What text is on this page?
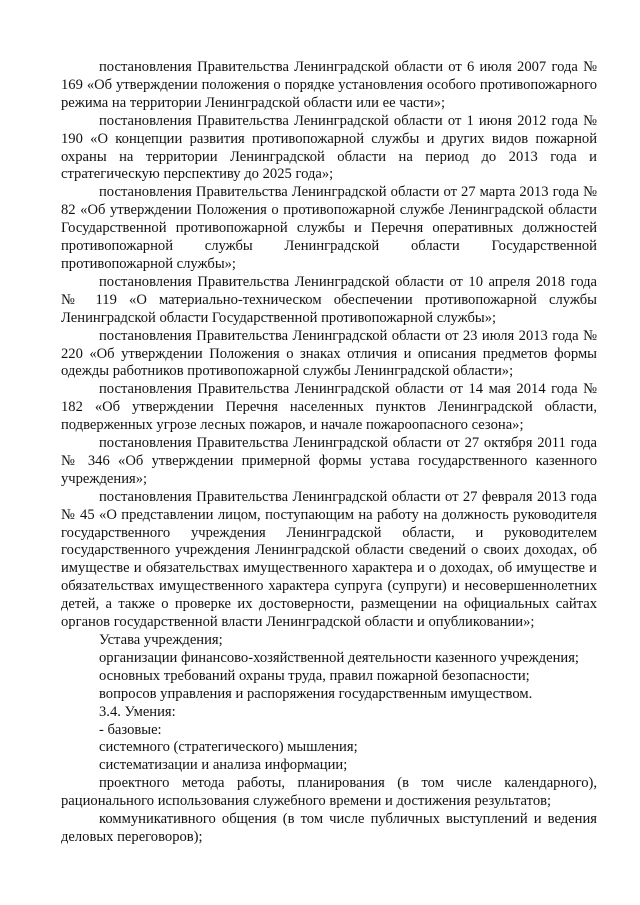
постановления Правительства Ленинградской области от 6 июля 2007 года № 169 «Об утверждении положения о порядке установления особого противопожарного режима на территории Ленинградской области или ее части»;

постановления Правительства Ленинградской области от 1 июня 2012 года № 190 «О концепции развития противопожарной службы и других видов пожарной охраны на территории Ленинградской области на период до 2013 года и стратегическую перспективу до 2025 года»;

постановления Правительства Ленинградской области от 27 марта 2013 года № 82 «Об утверждении Положения о противопожарной службе Ленинградской области Государственной противопожарной службы и Перечня оперативных должностей противопожарной службы Ленинградской области Государственной противопожарной службы»;

постановления Правительства Ленинградской области от 10 апреля 2018 года № 119 «О материально-техническом обеспечении противопожарной службы Ленинградской области Государственной противопожарной службы»;

постановления Правительства Ленинградской области от 23 июля 2013 года № 220 «Об утверждении Положения о знаках отличия и описания предметов формы одежды работников противопожарной службы Ленинградской области»;

постановления Правительства Ленинградской области от 14 мая 2014 года № 182 «Об утверждении Перечня населенных пунктов Ленинградской области, подверженных угрозе лесных пожаров, и начале пожароопасного сезона»;

постановления Правительства Ленинградской области от 27 октября 2011 года № 346 «Об утверждении примерной формы устава государственного казенного учреждения»;

постановления Правительства Ленинградской области от 27 февраля 2013 года № 45 «О представлении лицом, поступающим на работу на должность руководителя государственного учреждения Ленинградской области, и руководителем государственного учреждения Ленинградской области сведений о своих доходах, об имуществе и обязательствах имущественного характера и о доходах, об имуществе и обязательствах имущественного характера супруга (супруги) и несовершеннолетних детей, а также о проверке их достоверности, размещении на официальных сайтах органов государственной власти Ленинградской области и опубликовании»;

Устава учреждения;

организации финансово-хозяйственной деятельности казенного учреждения;

основных требований охраны труда, правил пожарной безопасности;

вопросов управления и распоряжения государственным имуществом.

3.4. Умения:

- базовые:

системного (стратегического) мышления;

систематизации и анализа информации;

проектного метода работы, планирования (в том числе календарного), рационального использования служебного времени и достижения результатов;

коммуникативного общения (в том числе публичных выступлений и ведения деловых переговоров);
